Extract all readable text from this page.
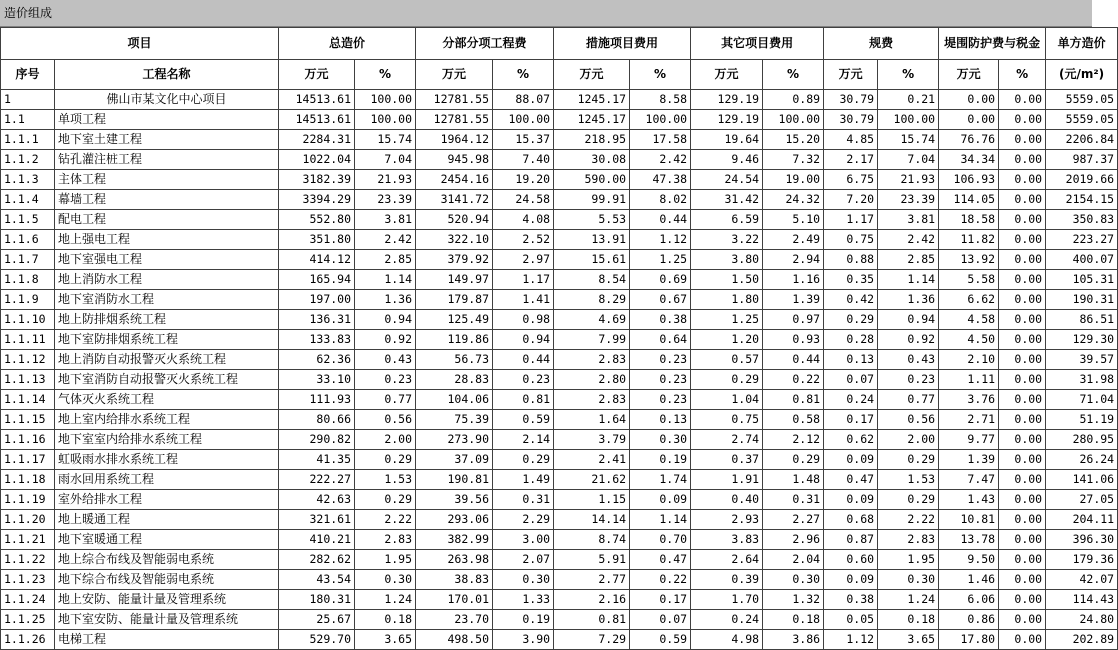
造价组成
项目		总造价		分部分项工程费		措施项目费用		其它项目费用		规费		堤围防护费与税金		单方造价
序号	工程名称	万元	%	万元	%	万元	%	万元	%	万元	%	万元	%	(元/m²)
1	佛山市某文化中心项目	14513.61	100.00	12781.55	88.07	1245.17	8.58	129.19	0.89	30.79	0.21	0.00	0.00	5559.05
1.1	单项工程	14513.61	100.00	12781.55	100.00	1245.17	100.00	129.19	100.00	30.79	100.00	0.00	0.00	5559.05
1.1.1	地下室土建工程	2284.31	15.74	1964.12	15.37	218.95	17.58	19.64	15.20	4.85	15.74	76.76	0.00	2206.84
1.1.2	钻孔灌注桩工程	1022.04	7.04	945.98	7.40	30.08	2.42	9.46	7.32	2.17	7.04	34.34	0.00	987.37
1.1.3	主体工程	3182.39	21.93	2454.16	19.20	590.00	47.38	24.54	19.00	6.75	21.93	106.93	0.00	2019.66
1.1.4	幕墙工程	3394.29	23.39	3141.72	24.58	99.91	8.02	31.42	24.32	7.20	23.39	114.05	0.00	2154.15
1.1.5	配电工程	552.80	3.81	520.94	4.08	5.53	0.44	6.59	5.10	1.17	3.81	18.58	0.00	350.83
1.1.6	地上强电工程	351.80	2.42	322.10	2.52	13.91	1.12	3.22	2.49	0.75	2.42	11.82	0.00	223.27
1.1.7	地下室强电工程	414.12	2.85	379.92	2.97	15.61	1.25	3.80	2.94	0.88	2.85	13.92	0.00	400.07
1.1.8	地上消防水工程	165.94	1.14	149.97	1.17	8.54	0.69	1.50	1.16	0.35	1.14	5.58	0.00	105.31
1.1.9	地下室消防水工程	197.00	1.36	179.87	1.41	8.29	0.67	1.80	1.39	0.42	1.36	6.62	0.00	190.31
1.1.10	地上防排烟系统工程	136.31	0.94	125.49	0.98	4.69	0.38	1.25	0.97	0.29	0.94	4.58	0.00	86.51
1.1.11	地下室防排烟系统工程	133.83	0.92	119.86	0.94	7.99	0.64	1.20	0.93	0.28	0.92	4.50	0.00	129.30
1.1.12	地上消防自动报警灭火系统工程	62.36	0.43	56.73	0.44	2.83	0.23	0.57	0.44	0.13	0.43	2.10	0.00	39.57
1.1.13	地下室消防自动报警灭火系统工程	33.10	0.23	28.83	0.23	2.80	0.23	0.29	0.22	0.07	0.23	1.11	0.00	31.98
1.1.14	气体灭火系统工程	111.93	0.77	104.06	0.81	2.83	0.23	1.04	0.81	0.24	0.77	3.76	0.00	71.04
1.1.15	地上室内给排水系统工程	80.66	0.56	75.39	0.59	1.64	0.13	0.75	0.58	0.17	0.56	2.71	0.00	51.19
1.1.16	地下室室内给排水系统工程	290.82	2.00	273.90	2.14	3.79	0.30	2.74	2.12	0.62	2.00	9.77	0.00	280.95
1.1.17	虹吸雨水排水系统工程	41.35	0.29	37.09	0.29	2.41	0.19	0.37	0.29	0.09	0.29	1.39	0.00	26.24
1.1.18	雨水回用系统工程	222.27	1.53	190.81	1.49	21.62	1.74	1.91	1.48	0.47	1.53	7.47	0.00	141.06
1.1.19	室外给排水工程	42.63	0.29	39.56	0.31	1.15	0.09	0.40	0.31	0.09	0.29	1.43	0.00	27.05
1.1.20	地上暖通工程	321.61	2.22	293.06	2.29	14.14	1.14	2.93	2.27	0.68	2.22	10.81	0.00	204.11
1.1.21	地下室暖通工程	410.21	2.83	382.99	3.00	8.74	0.70	3.83	2.96	0.87	2.83	13.78	0.00	396.30
1.1.22	地上综合布线及智能弱电系统	282.62	1.95	263.98	2.07	5.91	0.47	2.64	2.04	0.60	1.95	9.50	0.00	179.36
1.1.23	地下综合布线及智能弱电系统	43.54	0.30	38.83	0.30	2.77	0.22	0.39	0.30	0.09	0.30	1.46	0.00	42.07
1.1.24	地上安防、能量计量及管理系统	180.31	1.24	170.01	1.33	2.16	0.17	1.70	1.32	0.38	1.24	6.06	0.00	114.43
1.1.25	地下室安防、能量计量及管理系统	25.67	0.18	23.70	0.19	0.81	0.07	0.24	0.18	0.05	0.18	0.86	0.00	24.80
1.1.26	电梯工程	529.70	3.65	498.50	3.90	7.29	0.59	4.98	3.86	1.12	3.65	17.80	0.00	202.89
